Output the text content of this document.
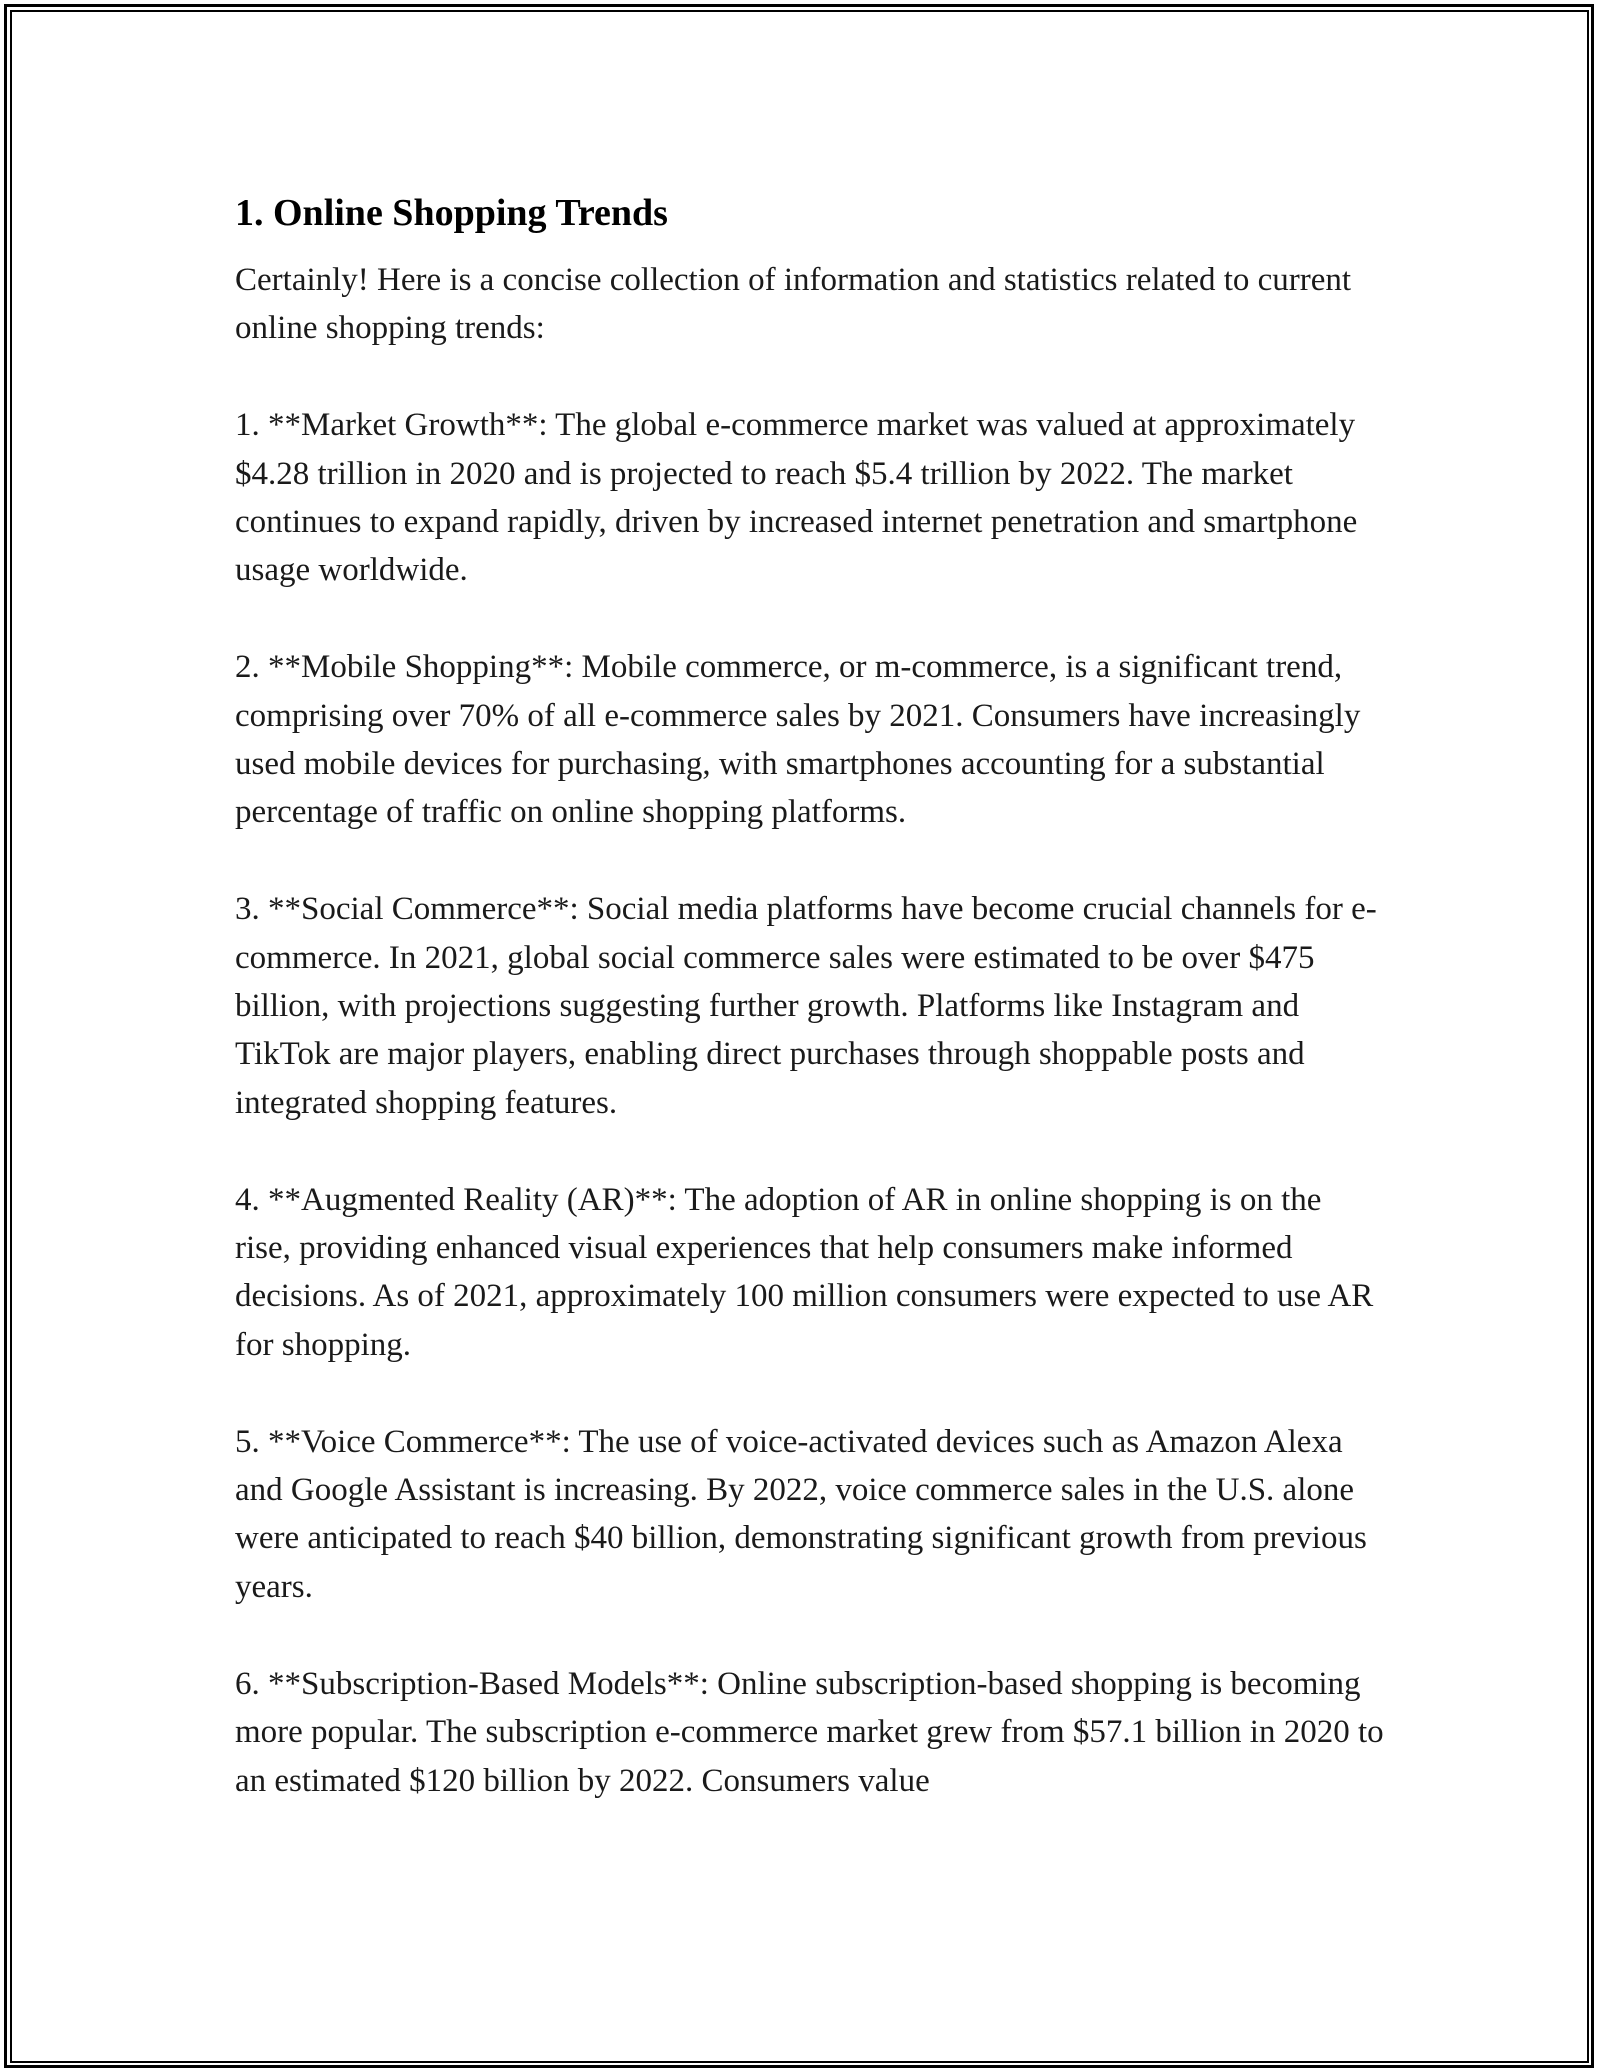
1. Online Shopping Trends

Certainly! Here is a concise collection of information and statistics related to current online shopping trends:

1. **Market Growth**: The global e-commerce market was valued at approximately $4.28 trillion in 2020 and is projected to reach $5.4 trillion by 2022. The market continues to expand rapidly, driven by increased internet penetration and smartphone usage worldwide.

2. **Mobile Shopping**: Mobile commerce, or m-commerce, is a significant trend, comprising over 70% of all e-commerce sales by 2021. Consumers have increasingly used mobile devices for purchasing, with smartphones accounting for a substantial percentage of traffic on online shopping platforms.

3. **Social Commerce**: Social media platforms have become crucial channels for e-commerce. In 2021, global social commerce sales were estimated to be over $475 billion, with projections suggesting further growth. Platforms like Instagram and TikTok are major players, enabling direct purchases through shoppable posts and integrated shopping features.

4. **Augmented Reality (AR)**: The adoption of AR in online shopping is on the rise, providing enhanced visual experiences that help consumers make informed decisions. As of 2021, approximately 100 million consumers were expected to use AR for shopping.

5. **Voice Commerce**: The use of voice-activated devices such as Amazon Alexa and Google Assistant is increasing. By 2022, voice commerce sales in the U.S. alone were anticipated to reach $40 billion, demonstrating significant growth from previous years.

6. **Subscription-Based Models**: Online subscription-based shopping is becoming more popular. The subscription e-commerce market grew from $57.1 billion in 2020 to an estimated $120 billion by 2022. Consumers value
